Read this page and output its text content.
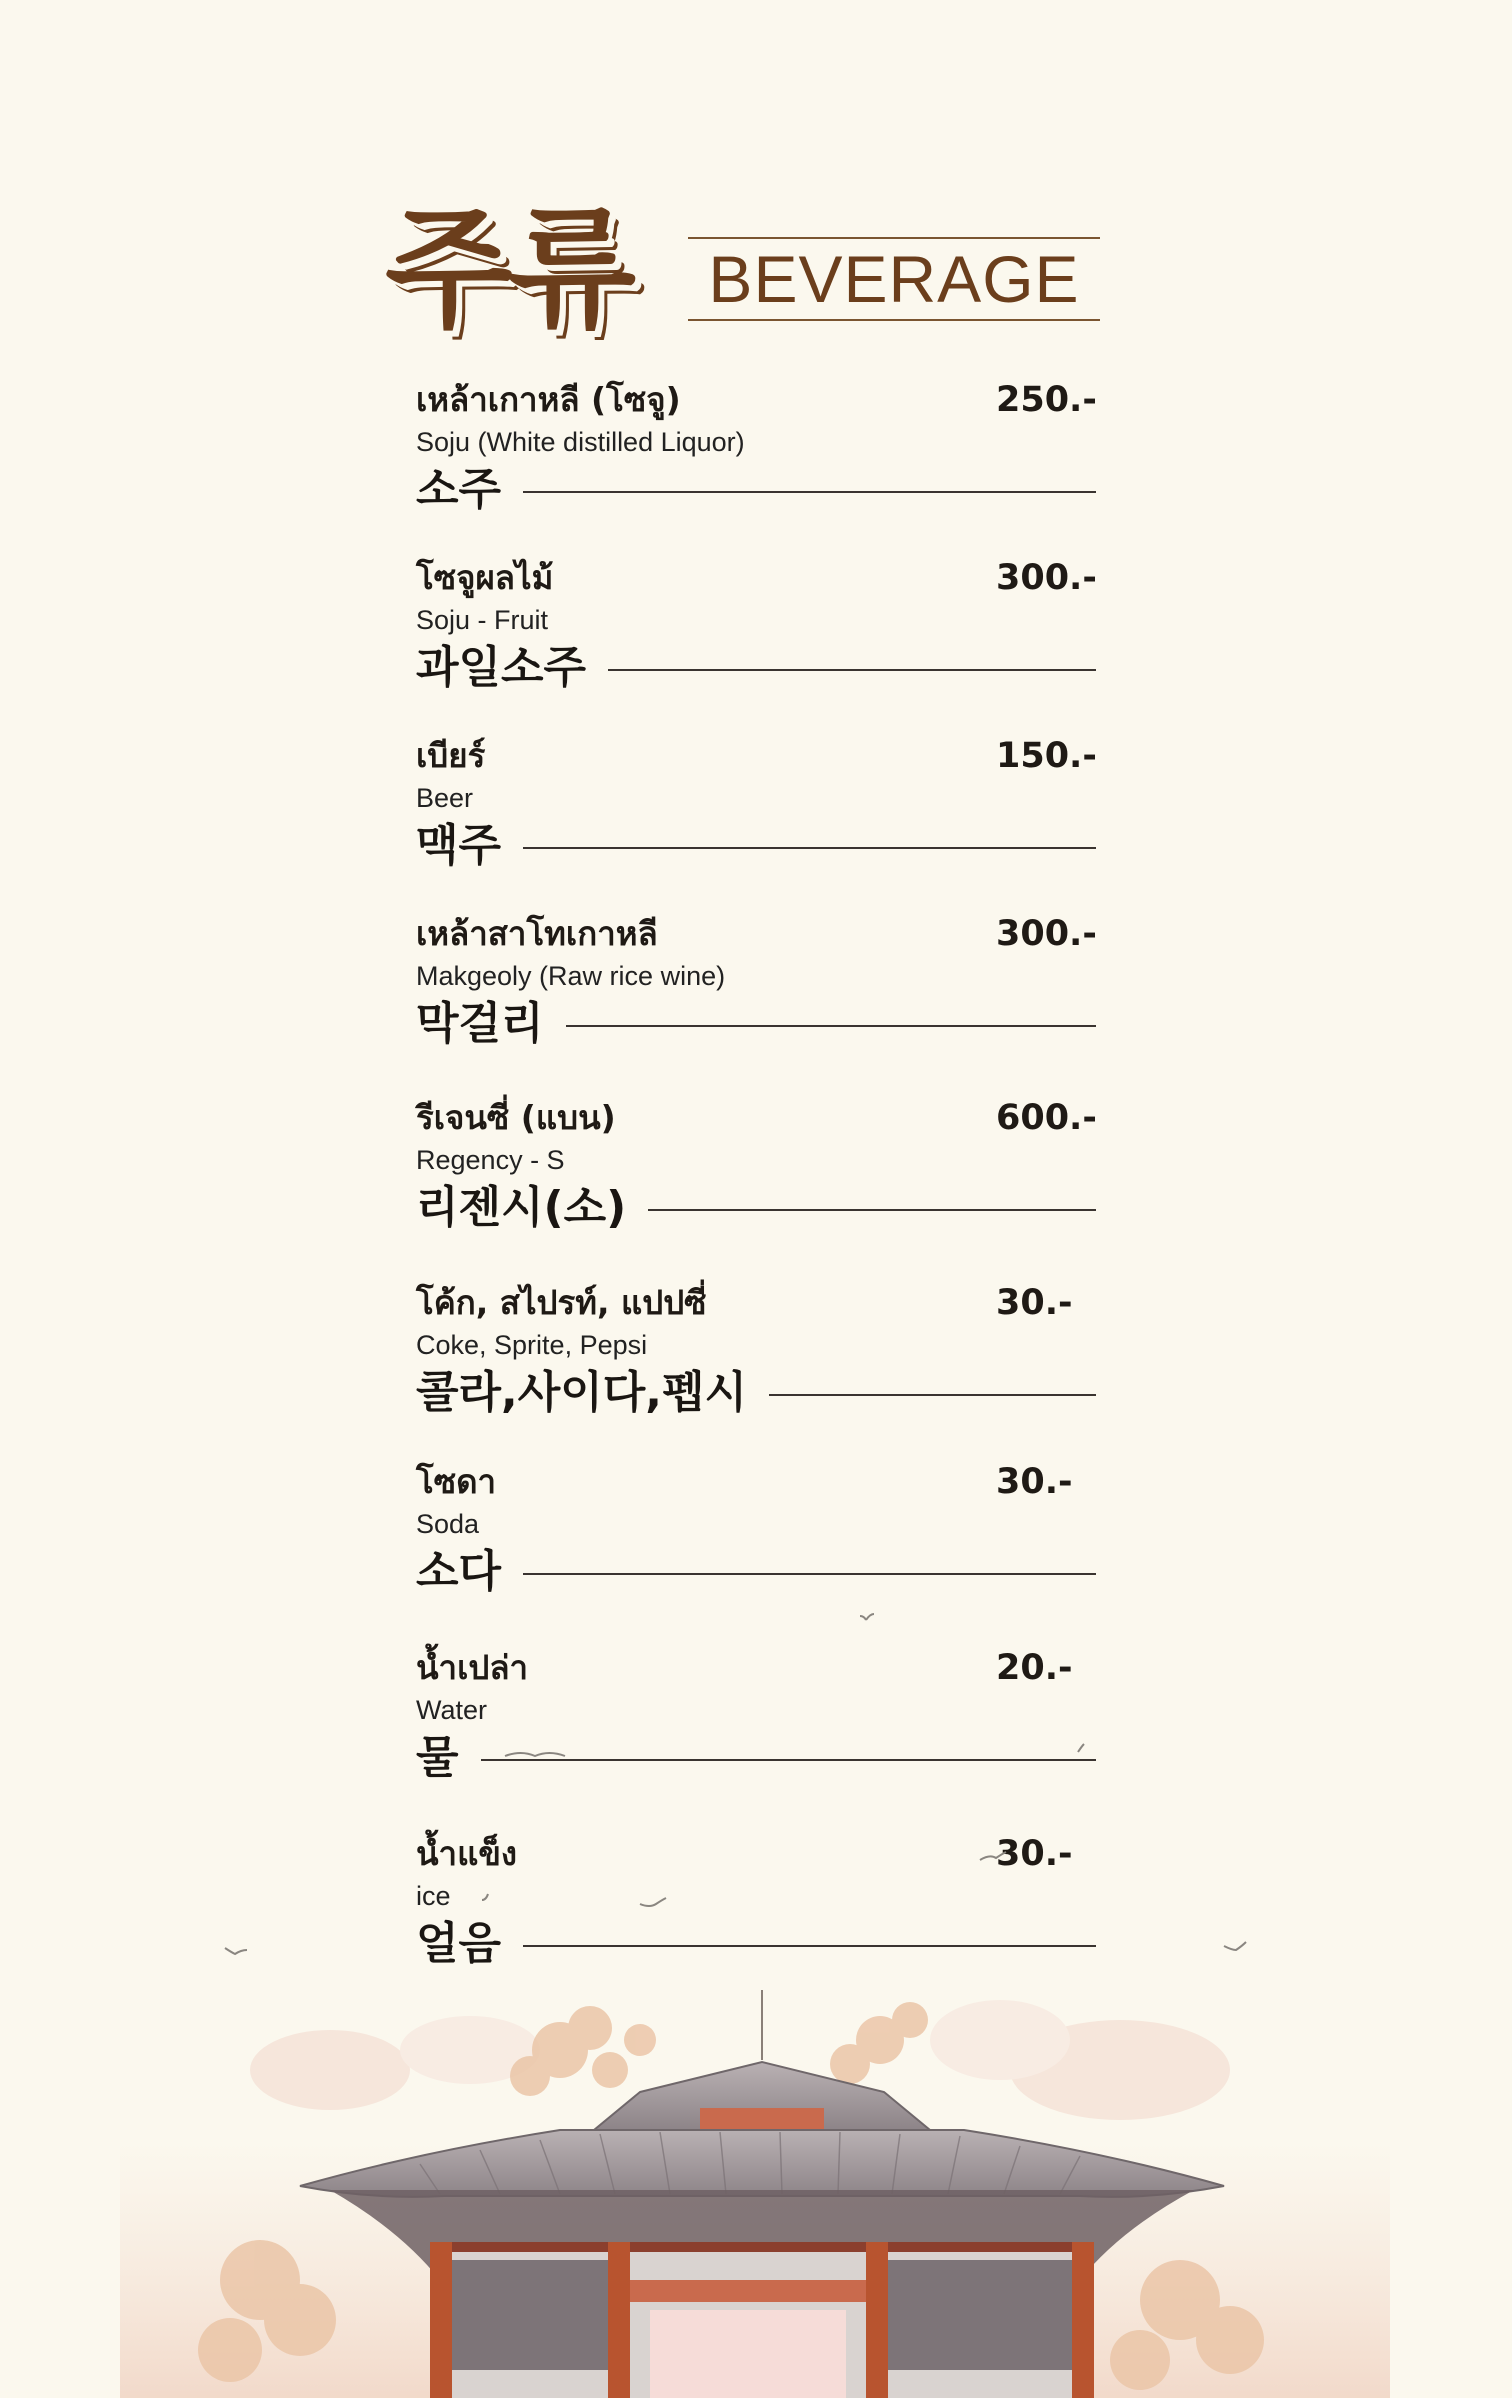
주류	BEVERAGE
เหล้าเกาหลี (โซจู)	250.-
Soju (White distilled Liquor)
소주
โซจูผลไม้	300.-
Soju - Fruit
과일소주
เบียร์	150.-
Beer
맥주
เหล้าสาโทเกาหลี	300.-
Makgeoly (Raw rice wine)
막걸리
รีเจนซี่ (แบน)	600.-
Regency - S
리젠시(소)
โค้ก, สไปรท์, แปปซี่	30.-
Coke, Sprite, Pepsi
콜라,사이다,펩시
โซดา	30.-
Soda
소다
น้ำเปล่า	20.-
Water
물
น้ำแข็ง	30.-
ice
얼음
